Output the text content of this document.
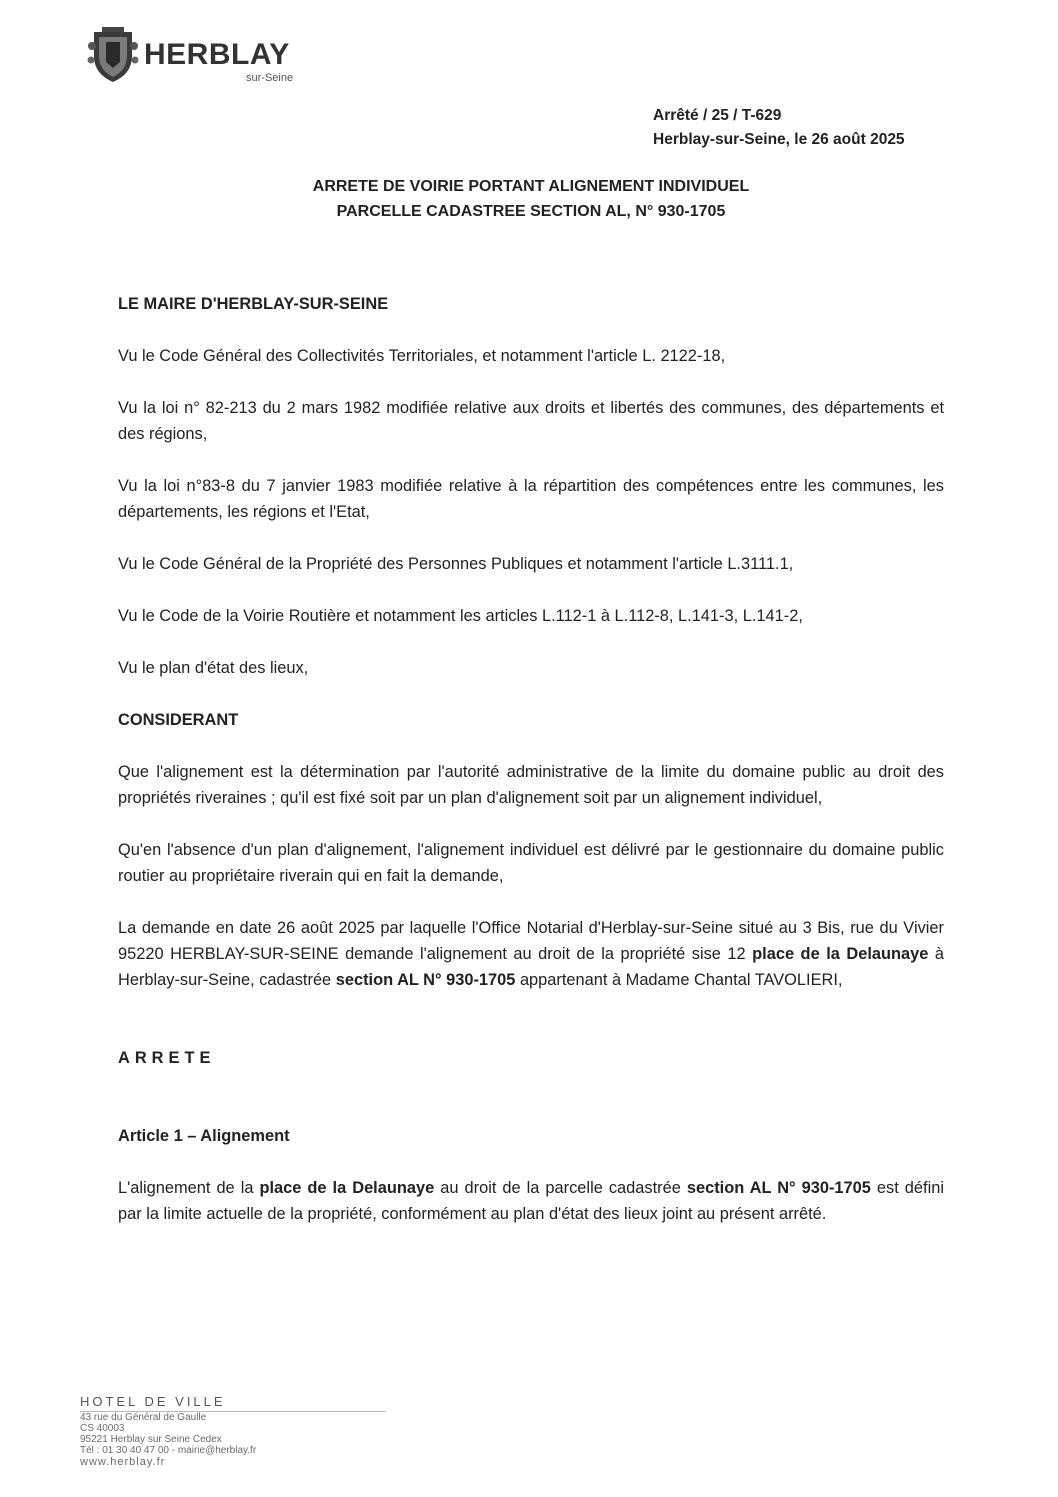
HERBLAY
sur-Seine
Arrêté / 25 / T-629
Herblay-sur-Seine, le 26 août 2025
ARRETE DE VOIRIE PORTANT ALIGNEMENT INDIVIDUEL
PARCELLE CADASTREE SECTION AL, N° 930-1705

LE MAIRE D'HERBLAY-SUR-SEINE

Vu le Code Général des Collectivités Territoriales, et notamment l'article L. 2122-18,

Vu la loi n° 82-213 du 2 mars 1982 modifiée relative aux droits et libertés des communes, des départements et des régions,

Vu la loi n°83-8 du 7 janvier 1983 modifiée relative à la répartition des compétences entre les communes, les départements, les régions et l'Etat,

Vu le Code Général de la Propriété des Personnes Publiques et notamment l'article L.3111.1,

Vu le Code de la Voirie Routière et notamment les articles L.112-1 à L.112-8, L.141-3, L.141-2,

Vu le plan d'état des lieux,

CONSIDERANT

Que l'alignement est la détermination par l'autorité administrative de la limite du domaine public au droit des propriétés riveraines ; qu'il est fixé soit par un plan d'alignement soit par un alignement individuel,

Qu'en l'absence d'un plan d'alignement, l'alignement individuel est délivré par le gestionnaire du domaine public routier au propriétaire riverain qui en fait la demande,

La demande en date 26 août 2025 par laquelle l'Office Notarial d'Herblay-sur-Seine situé au 3 Bis, rue du Vivier 95220 HERBLAY-SUR-SEINE demande l'alignement au droit de la propriété sise 12 place de la Delaunaye à Herblay-sur-Seine, cadastrée section AL N° 930-1705 appartenant à Madame Chantal TAVOLIERI,

ARRETE

Article 1 – Alignement

L'alignement de la place de la Delaunaye au droit de la parcelle cadastrée section AL N° 930-1705 est défini par la limite actuelle de la propriété, conformément au plan d'état des lieux joint au présent arrêté.

HOTEL DE VILLE
43 rue du Général de Gaulle
CS 40003
95221 Herblay sur Seine Cedex
Tél : 01 30 40 47 00 - mairie@herblay.fr
www.herblay.fr
